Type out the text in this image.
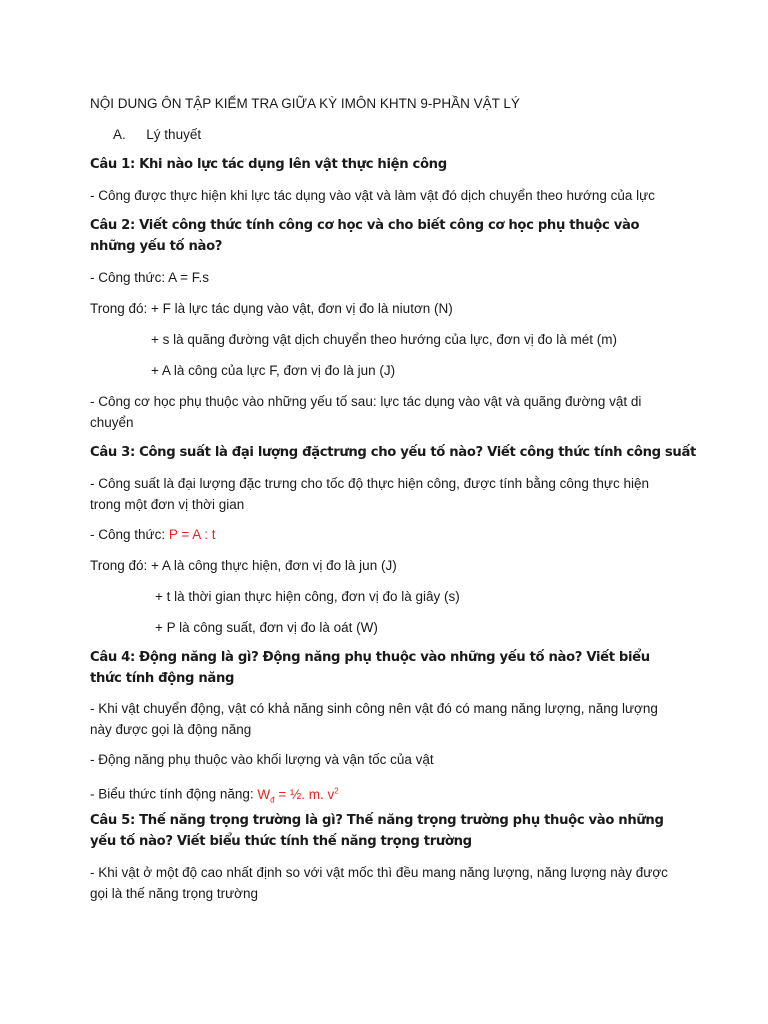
NỘI DUNG ÔN TẬP KIỂM TRA GIỮA KỲ IMÔN KHTN 9-PHẦN VẬT LÝ

A. Lý thuyết

Câu 1: Khi nào lực tác dụng lên vật thực hiện công

- Công được thực hiện khi lực tác dụng vào vật và làm vật đó dịch chuyển theo hướng của lực

Câu 2: Viết công thức tính công cơ học và cho biết công cơ học phụ thuộc vào những yếu tố nào?

- Công thức: A = F.s

Trong đó: + F là lực tác dụng vào vật, đơn vị đo là niutơn (N)

+ s là quãng đường vật dịch chuyển theo hướng của lực, đơn vị đo là mét (m)

+ A là công của lực F, đơn vị đo là jun (J)

- Công cơ học phụ thuộc vào những yếu tố sau: lực tác dụng vào vật và quãng đường vật di chuyển

Câu 3: Công suất là đại lượng đặctrưng cho yếu tố nào? Viết công thức tính công suất

- Công suất là đại lượng đặc trưng cho tốc độ thực hiện công, được tính bằng công thực hiện trong một đơn vị thời gian

- Công thức: P = A : t

Trong đó: + A là công thực hiện, đơn vị đo là jun (J)

+ t là thời gian thực hiện công, đơn vị đo là giây (s)

+ P là công suất, đơn vị đo là oát (W)

Câu 4: Động năng là gì? Động năng phụ thuộc vào những yếu tố nào? Viết biểu thức tính động năng

- Khi vật chuyển động, vật có khả năng sinh công nên vật đó có mang năng lượng, năng lượng này được gọi là động năng

- Động năng phụ thuộc vào khối lượng và vận tốc của vật

- Biểu thức tính động năng: $W_đ$ = ½. m. $v^2$

Câu 5: Thế năng trọng trường là gì? Thế năng trọng trường phụ thuộc vào những yếu tố nào? Viết biểu thức tính thế năng trọng trường

- Khi vật ở một độ cao nhất định so với vật mốc thì đều mang năng lượng, năng lượng này được gọi là thế năng trọng trường
